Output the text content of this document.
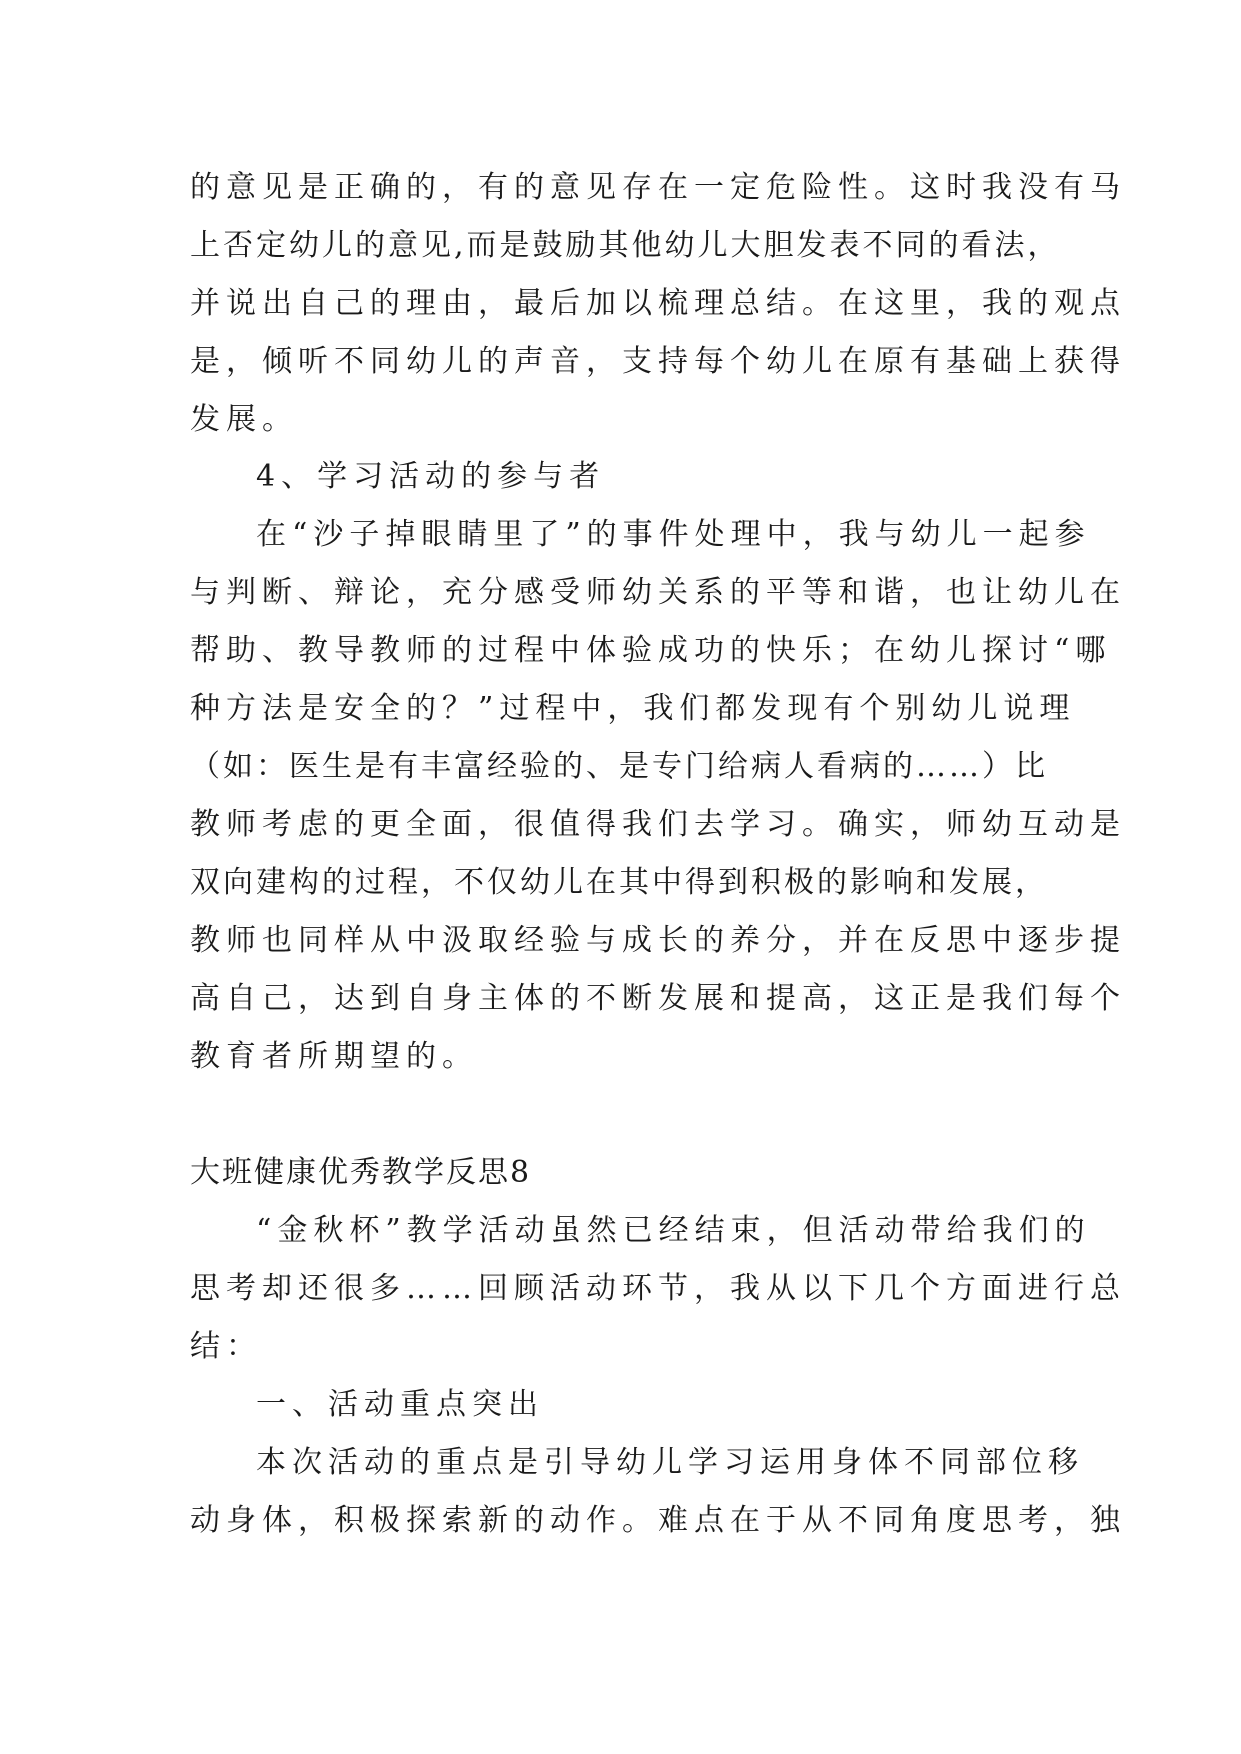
的意见是正确的，有的意见存在一定危险性。这时我没有马
上否定幼儿的意见,而是鼓励其他幼儿大胆发表不同的看法，
并说出自己的理由，最后加以梳理总结。在这里，我的观点
是，倾听不同幼儿的声音，支持每个幼儿在原有基础上获得
发展。
4、学习活动的参与者
在“沙子掉眼睛里了”的事件处理中，我与幼儿一起参
与判断、辩论，充分感受师幼关系的平等和谐，也让幼儿在
帮助、教导教师的过程中体验成功的快乐；在幼儿探讨“哪
种方法是安全的？”过程中，我们都发现有个别幼儿说理
（如：医生是有丰富经验的、是专门给病人看病的……）比
教师考虑的更全面，很值得我们去学习。确实，师幼互动是
双向建构的过程，不仅幼儿在其中得到积极的影响和发展，
教师也同样从中汲取经验与成长的养分，并在反思中逐步提
高自己，达到自身主体的不断发展和提高，这正是我们每个
教育者所期望的。
大班健康优秀教学反思8
“金秋杯”教学活动虽然已经结束，但活动带给我们的
思考却还很多……回顾活动环节，我从以下几个方面进行总
结：
一、活动重点突出
本次活动的重点是引导幼儿学习运用身体不同部位移
动身体，积极探索新的动作。难点在于从不同角度思考，独
